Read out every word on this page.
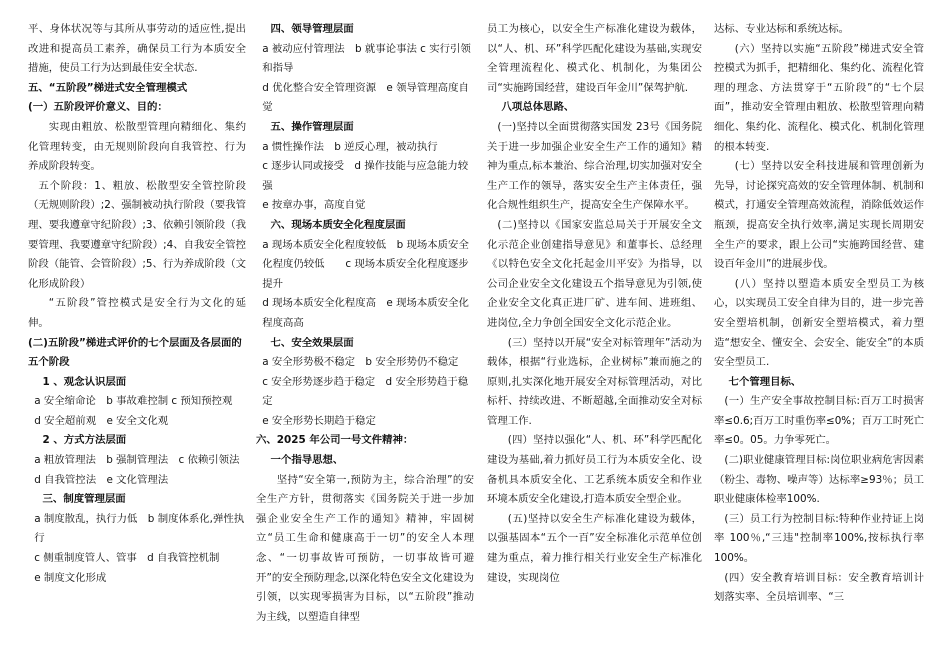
平、身体状况等与其所从事劳动的适应性,提出改进和提高员工素养，确保员工行为本质安全措施，使员工行为达到最佳安全状态.

五、“五阶段”梯进式安全管理模式

(一）五阶段评价意义、目的：

实现由粗放、松散型管理向精细化、集约化管理转变，由无规则阶段向自我管控、行为养成阶段转变。

五个阶段：1、粗放、松散型安全管控阶段（无规则阶段）;2、强制被动执行阶段（要我管理、要我遵章守纪阶段）;3、依赖引领阶段（我要管理、我要遵章守纪阶段）;4、自我安全管控阶段（能管、会管阶段）;5、行为养成阶段（文化形成阶段）

“五阶段”管控模式是安全行为文化的延伸。

(二)五阶段”梯进式评价的七个层面及各层面的五个阶段

1 、观念认识层面

a 安全缩命论　b 事故难控制 c 预知预控观

d 安全超前观　e 安全文化观

2 、方式方法层面

a 粗放管理法　b 强制管理法　c 依赖引领法

d 自我管控法　e 文化管理法

三、制度管理层面

a 制度散乱，执行力低　b 制度体系化,弹性执行

c 侧重制度管人、管事　d 自我管控机制

e 制度文化形成

四、领导管理层面

a 被动应付管理法　b 就事论事法 c 实行引领和指导

d 优化整合安全管理资源　e 领导管理高度自觉

五、操作管理层面

a 惯性操作法　b 逆反心理，被动执行

c 逐步认同或接受　d 操作技能与应急能力较强

e 按章办事，高度自觉

六、现场本质安全化程度层面

a 现场本质安全化程度较低　b 现场本质安全化程度仍较低　　c 现场本质安全化程度逐步提升

d 现场本质安全化程度高　e 现场本质安全化程度高高

七、安全效果层面

a 安全形势极不稳定　b 安全形势仍不稳定

c 安全形势逐步趋于稳定　d 安全形势趋于稳定

e 安全形势长期趋于稳定

六、2025 年公司一号文件精神：

一个指导思想、

坚持“安全第一,预防为主，综合治理”的安全生产方针，贯彻落实《国务院关于进一步加强企业安全生产工作的通知》精神，牢固树立“员工生命和健康高于一切”的安全人本理念、“一切事故皆可预防，一切事故皆可避开”的安全预防理念,以深化特色安全文化建设为引领，以实现零损害为目标，以“五阶段”推动为主线，以塑造自律型

员工为核心，以安全生产标准化建设为载体，以“人、机、环”科学匹配化建设为基础,实现安全管理流程化、模式化、机制化，为集团公司“实施跨国经营，建设百年金川”保驾护航.

八项总体思路、

(一)坚持以全面贯彻落实国发 23号《国务院关于进一步加强企业安全生产工作的通知》精神为重点,标本兼治、综合治理,切实加强对安全生产工作的领导，落实安全生产主体责任，强化合规性组织生产，提高安全生产保障水平。

(二)坚持以《国家安监总局关于开展安全文化示范企业创建指导意见》和董事长、总经理《以特色安全文化托起金川平安》为指导，以公司企业安全文化建设五个指导意见为引领,使企业安全文化真正进厂矿、进车间、进班组、进岗位,全力争创全国安全文化示范企业。

(三）坚持以开展“安全对标管理年”活动为载体，根据“行业选标，企业树标”兼而施之的原则,扎实深化地开展安全对标管理活动，对比标杆、持续改进、不断超越,全面推动安全对标管理工作.

(四）坚持以强化“人、机、环”科学匹配化建设为基础,着力抓好员工行为本质安全化、设备机具本质安全化、工艺系统本质安全和作业环境本质安全化建设,打造本质安全型企业。

(五)坚持以安全生产标准化建设为载体，以强基固本“五个一百”安全标准化示范单位创建为重点，着力推行相关行业安全生产标准化建设，实现岗位

达标、专业达标和系统达标。

(六）坚持以实施“五阶段”梯进式安全管控模式为抓手，把精细化、集约化、流程化管理的理念、方法贯穿于“五阶段”的“七个层面”，推动安全管理由粗放、松散型管理向精细化、集约化、流程化、模式化、机制化管理的根本转变.

(七）坚持以安全科技进展和管理创新为先导，讨论探究高效的安全管理体制、机制和模式，打通安全管理高效流程，消除低效运作瓶颈，提高安全执行效率,满足实现长周期安全生产的要求，跟上公司“实施跨国经营、建设百年金川”的进展步伐。

(八）坚持以塑造本质安全型员工为核心，以实现员工安全自律为目的，进一步完善安全塑培机制，创新安全塑培模式，着力塑造“想安全、懂安全、会安全、能安全”的本质安全型员工.

七个管理目标、

(一）生产安全事故控制目标:百万工时损害率≤0.6;百万工时重伤率≤0%；百万工时死亡率≤0。05。力争零死亡。

(二)职业健康管理目标:岗位职业病危害因素（粉尘、毒物、噪声等）达标率≥93％；员工职业健康体检率100%.

(三）员工行为控制目标:特种作业持证上岗率 100％,“三违"控制率100%,按标执行率100%。

(四）安全教育培训目标：安全教育培训计划落实率、全员培训率、“三
